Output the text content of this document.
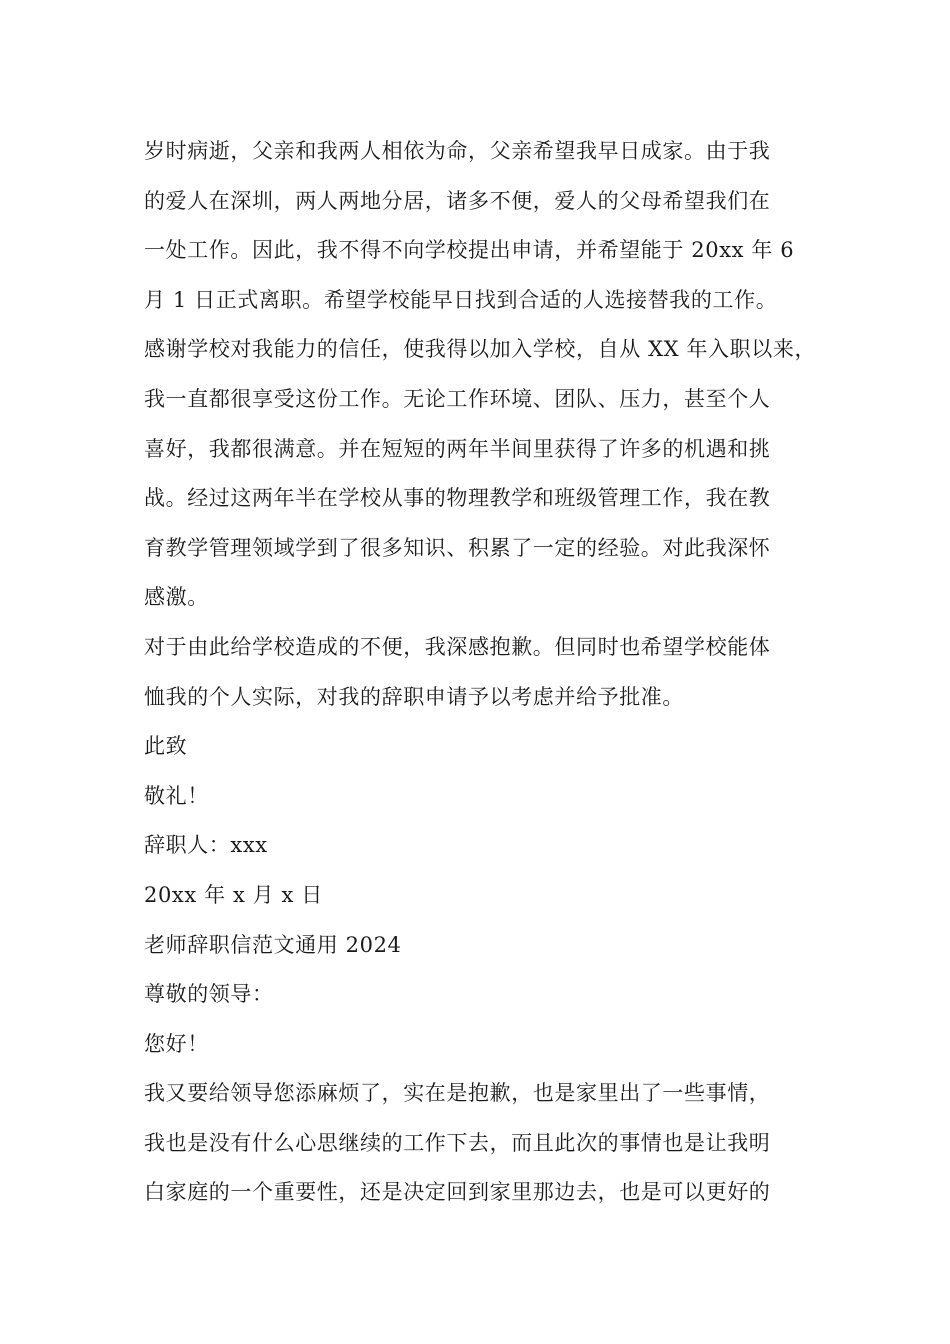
岁时病逝，父亲和我两人相依为命，父亲希望我早日成家。由于我
的爱人在深圳，两人两地分居，诸多不便，爱人的父母希望我们在
一处工作。因此，我不得不向学校提出申请，并希望能于 20xx 年 6
月 1 日正式离职。希望学校能早日找到合适的人选接替我的工作。
感谢学校对我能力的信任，使我得以加入学校，自从 XX 年入职以来，
我一直都很享受这份工作。无论工作环境、团队、压力，甚至个人
喜好，我都很满意。并在短短的两年半间里获得了许多的机遇和挑
战。经过这两年半在学校从事的物理教学和班级管理工作，我在教
育教学管理领域学到了很多知识、积累了一定的经验。对此我深怀
感激。
对于由此给学校造成的不便，我深感抱歉。但同时也希望学校能体
恤我的个人实际，对我的辞职申请予以考虑并给予批准。
此致
敬礼！
辞职人：xxx
20xx 年 x 月 x 日
老师辞职信范文通用 2024
尊敬的领导：
您好！
我又要给领导您添麻烦了，实在是抱歉，也是家里出了一些事情，
我也是没有什么心思继续的工作下去，而且此次的事情也是让我明
白家庭的一个重要性，还是决定回到家里那边去，也是可以更好的
